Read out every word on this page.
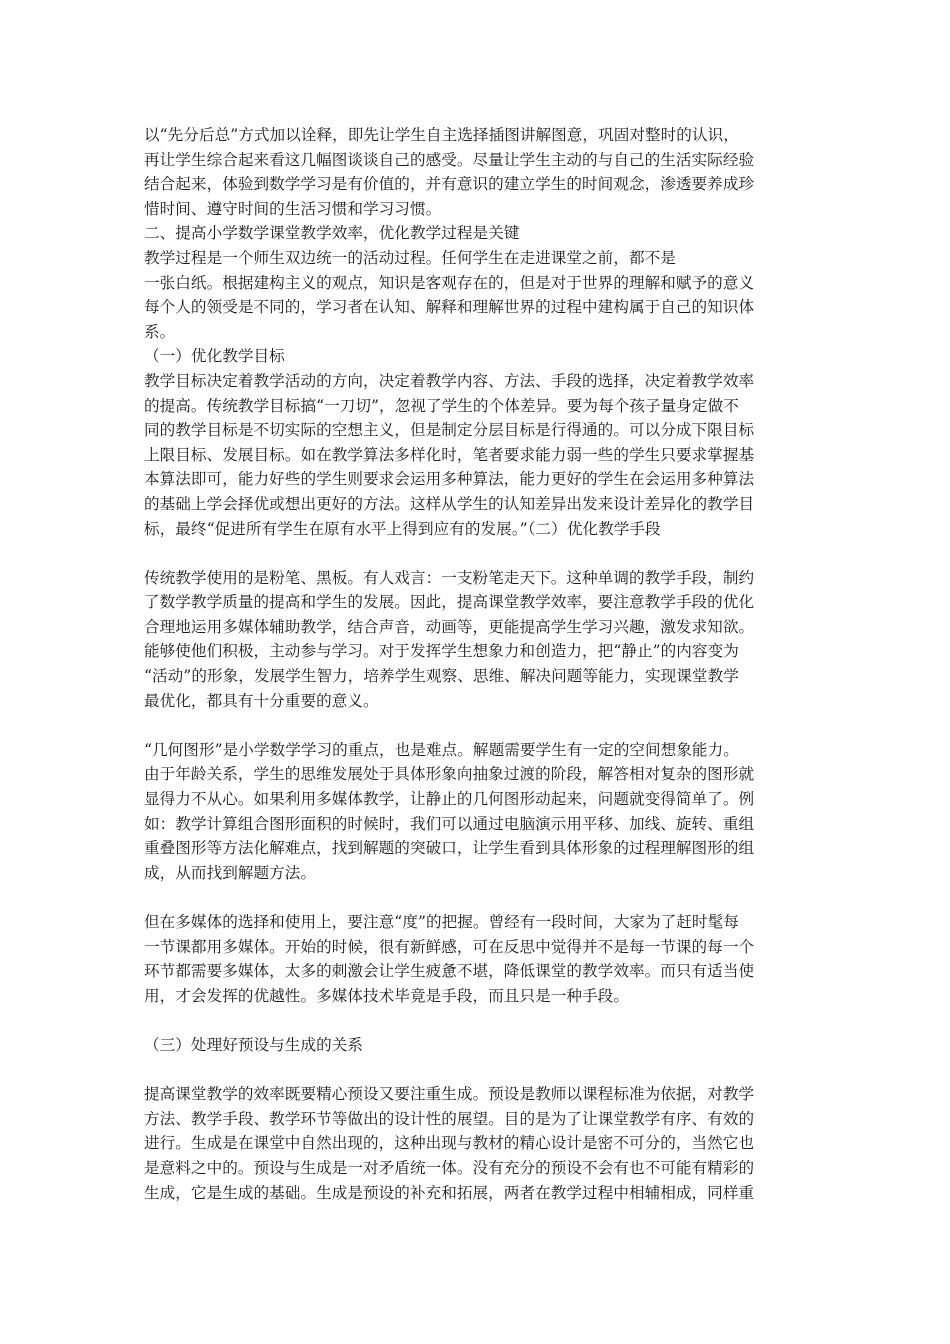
以“先分后总”方式加以诠释，即先让学生自主选择插图讲解图意，巩固对整时的认识，
再让学生综合起来看这几幅图谈谈自己的感受。尽量让学生主动的与自己的生活实际经验
结合起来，体验到数学学习是有价值的，并有意识的建立学生的时间观念，渗透要养成珍
惜时间、遵守时间的生活习惯和学习习惯。
二、提高小学数学课堂教学效率，优化教学过程是关键
教学过程是一个师生双边统一的活动过程。任何学生在走进课堂之前，都不是
一张白纸。根据建构主义的观点，知识是客观存在的，但是对于世界的理解和赋予的意义
每个人的领受是不同的，学习者在认知、解释和理解世界的过程中建构属于自己的知识体
系。
（一）优化教学目标
教学目标决定着教学活动的方向，决定着教学内容、方法、手段的选择，决定着教学效率
的提高。传统教学目标搞“一刀切”，忽视了学生的个体差异。要为每个孩子量身定做不
同的教学目标是不切实际的空想主义，但是制定分层目标是行得通的。可以分成下限目标
上限目标、发展目标。如在教学算法多样化时，笔者要求能力弱一些的学生只要求掌握基
本算法即可，能力好些的学生则要求会运用多种算法，能力更好的学生在会运用多种算法
的基础上学会择优或想出更好的方法。这样从学生的认知差异出发来设计差异化的教学目
标，最终“促进所有学生在原有水平上得到应有的发展。”（二）优化教学手段
传统教学使用的是粉笔、黑板。有人戏言：一支粉笔走天下。这种单调的教学手段，制约
了数学教学质量的提高和学生的发展。因此，提高课堂教学效率，要注意教学手段的优化
合理地运用多媒体辅助教学，结合声音，动画等，更能提高学生学习兴趣，激发求知欲。
能够使他们积极，主动参与学习。对于发挥学生想象力和创造力，把“静止”的内容变为
“活动”的形象，发展学生智力，培养学生观察、思维、解决问题等能力，实现课堂教学
最优化，都具有十分重要的意义。
“几何图形”是小学数学学习的重点，也是难点。解题需要学生有一定的空间想象能力。
由于年龄关系，学生的思维发展处于具体形象向抽象过渡的阶段，解答相对复杂的图形就
显得力不从心。如果利用多媒体教学，让静止的几何图形动起来，问题就变得简单了。例
如：教学计算组合图形面积的时候时，我们可以通过电脑演示用平移、加线、旋转、重组
重叠图形等方法化解难点，找到解题的突破口，让学生看到具体形象的过程理解图形的组
成，从而找到解题方法。
但在多媒体的选择和使用上，要注意“度”的把握。曾经有一段时间，大家为了赶时髦每
一节课都用多媒体。开始的时候，很有新鲜感，可在反思中觉得并不是每一节课的每一个
环节都需要多媒体，太多的刺激会让学生疲惫不堪，降低课堂的教学效率。而只有适当使
用，才会发挥的优越性。多媒体技术毕竟是手段，而且只是一种手段。
（三）处理好预设与生成的关系
提高课堂教学的效率既要精心预设又要注重生成。预设是教师以课程标准为依据，对教学
方法、教学手段、教学环节等做出的设计性的展望。目的是为了让课堂教学有序、有效的
进行。生成是在课堂中自然出现的，这种出现与教材的精心设计是密不可分的，当然它也
是意料之中的。预设与生成是一对矛盾统一体。没有充分的预设不会有也不可能有精彩的
生成，它是生成的基础。生成是预设的补充和拓展，两者在教学过程中相辅相成，同样重
